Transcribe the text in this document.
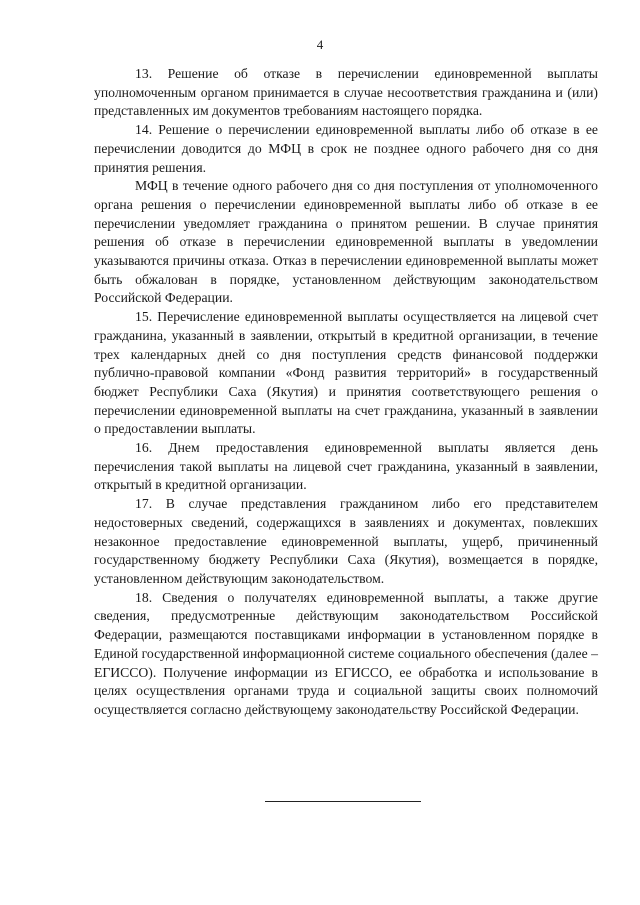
4

13. Решение об отказе в перечислении единовременной выплаты уполномоченным органом принимается в случае несоответствия гражданина и (или) представленных им документов требованиям настоящего порядка.

14. Решение о перечислении единовременной выплаты либо об отказе в ее перечислении доводится до МФЦ в срок не позднее одного рабочего дня со дня принятия решения.

МФЦ в течение одного рабочего дня со дня поступления от уполномоченного органа решения о перечислении единовременной выплаты либо об отказе в ее перечислении уведомляет гражданина о принятом решении. В случае принятия решения об отказе в перечислении единовременной выплаты в уведомлении указываются причины отказа. Отказ в перечислении единовременной выплаты может быть обжалован в порядке, установленном действующим законодательством Российской Федерации.

15. Перечисление единовременной выплаты осуществляется на лицевой счет гражданина, указанный в заявлении, открытый в кредитной организации, в течение трех календарных дней со дня поступления средств финансовой поддержки публично-правовой компании «Фонд развития территорий» в государственный бюджет Республики Саха (Якутия) и принятия соответствующего решения о перечислении единовременной выплаты на счет гражданина, указанный в заявлении о предоставлении выплаты.

16. Днем предоставления единовременной выплаты является день перечисления такой выплаты на лицевой счет гражданина, указанный в заявлении, открытый в кредитной организации.

17. В случае представления гражданином либо его представителем недостоверных сведений, содержащихся в заявлениях и документах, повлекших незаконное предоставление единовременной выплаты, ущерб, причиненный государственному бюджету Республики Саха (Якутия), возмещается в порядке, установленном действующим законодательством.

18. Сведения о получателях единовременной выплаты, а также другие сведения, предусмотренные действующим законодательством Российской Федерации, размещаются поставщиками информации в установленном порядке в Единой государственной информационной системе социального обеспечения (далее – ЕГИССО). Получение информации из ЕГИССО, ее обработка и использование в целях осуществления органами труда и социальной защиты своих полномочий осуществляется согласно действующему законодательству Российской Федерации.
